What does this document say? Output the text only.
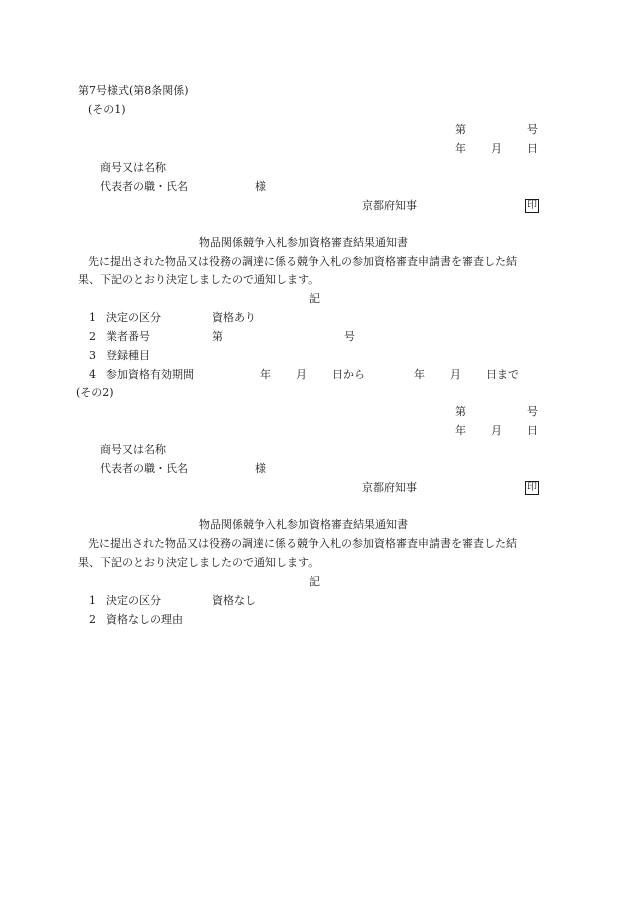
第7号様式(第8条関係)
(その1)
第	号
年 月 日
商号又は名称
代表者の職・氏名	様
京都府知事	印
物品関係競争入札参加資格審査結果通知書
先に提出された物品又は役務の調達に係る競争入札の参加資格審査申請書を審査した結
果、下記のとおり決定しましたので通知します。
記
1 決定の区分	資格あり
2 業者番号	第	号
3 登録種目
4 参加資格有効期間	年 月 日から	年 月 日まで
(その2)
第	号
年 月 日
商号又は名称
代表者の職・氏名	様
京都府知事	印
物品関係競争入札参加資格審査結果通知書
先に提出された物品又は役務の調達に係る競争入札の参加資格審査申請書を審査した結
果、下記のとおり決定しましたので通知します。
記
1 決定の区分	資格なし
2 資格なしの理由
